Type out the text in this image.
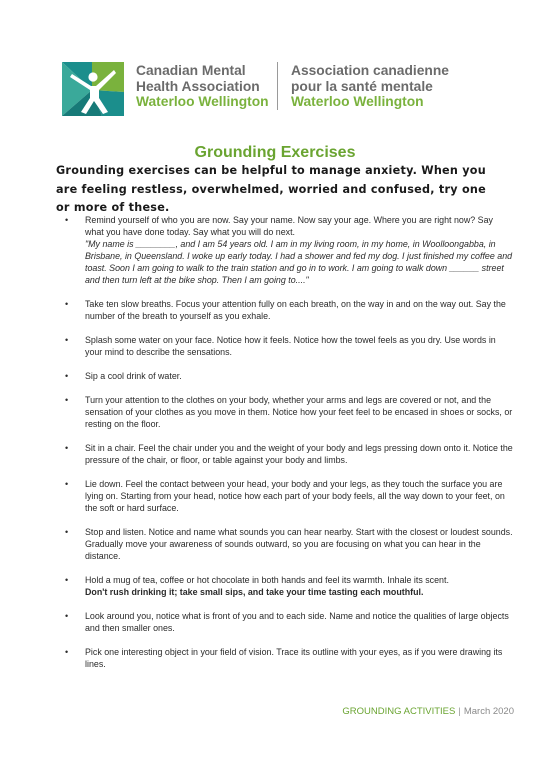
Canadian Mental
Health Association
Waterloo Wellington
Association canadienne
pour la santé mentale
Waterloo Wellington
Grounding Exercises
Grounding exercises can be helpful to manage anxiety. When you are feeling restless, overwhelmed, worried and confused, try one or more of these.
• Remind yourself of who you are now. Say your name. Now say your age. Where you are right now? Say what you have done today. Say what you will do next.
"My name is ________, and I am 54 years old. I am in my living room, in my home, in Woolloongabba, in Brisbane, in Queensland. I woke up early today. I had a shower and fed my dog. I just finished my coffee and toast. Soon I am going to walk to the train station and go in to work. I am going to walk down ______ street and then turn left at the bike shop. Then I am going to...."
• Take ten slow breaths. Focus your attention fully on each breath, on the way in and on the way out. Say the number of the breath to yourself as you exhale.
• Splash some water on your face. Notice how it feels. Notice how the towel feels as you dry. Use words in your mind to describe the sensations.
• Sip a cool drink of water.
• Turn your attention to the clothes on your body, whether your arms and legs are covered or not, and the sensation of your clothes as you move in them. Notice how your feet feel to be encased in shoes or socks, or resting on the floor.
• Sit in a chair. Feel the chair under you and the weight of your body and legs pressing down onto it. Notice the pressure of the chair, or floor, or table against your body and limbs.
• Lie down. Feel the contact between your head, your body and your legs, as they touch the surface you are lying on. Starting from your head, notice how each part of your body feels, all the way down to your feet, on the soft or hard surface.
• Stop and listen. Notice and name what sounds you can hear nearby. Start with the closest or loudest sounds. Gradually move your awareness of sounds outward, so you are focusing on what you can hear in the distance.
• Hold a mug of tea, coffee or hot chocolate in both hands and feel its warmth. Inhale its scent.
Don't rush drinking it; take small sips, and take your time tasting each mouthful.
• Look around you, notice what is front of you and to each side. Name and notice the qualities of large objects and then smaller ones.
• Pick one interesting object in your field of vision. Trace its outline with your eyes, as if you were drawing its lines.
GROUNDING ACTIVITIES | March 2020
